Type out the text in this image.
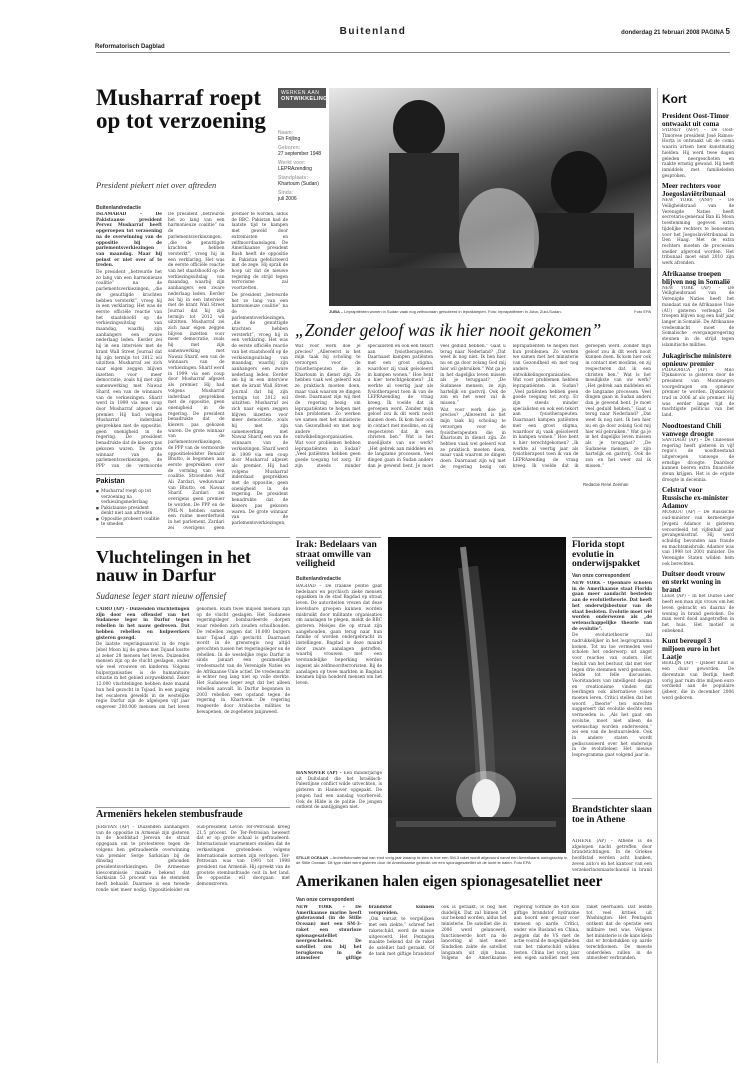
Reformatorisch Dagblad
Buitenland	donderdag 21 februari 2008 PAGINA 5
Musharraf roept op tot verzoening
President piekert niet over aftreden
Buitenlandredactie

ISLAMABAD – De Pakistaanse president Pervez Musharraf heeft opgeroepen tot verzoening na de overwinning van de oppositie bij de parlementsverkiezingen van maandag. Maar hij peinst er niet over af te treden.

De president „betreurde het zo lang van een harmonieuze coalitie” na de parlementsverkiezingen, „die de genuttigde krachten hebben versterkt”, vroeg hij in een verklaring. Het was de eerste officiële reactie van het staatshoofd op de verkiezingsuitslag van maandag, waarbij zijn aanhangers een zware nederlaag leden. Eerder zei hij in een interview met de krant Wall Street Journal dat hij zijn termijn tot 2012 wil uitzitten. Musharraf zei zich naar eigen zeggen blijven inzetten voor meer democratie, zoals hij met zijn samenwerking met Nawaz Sharif, een van de winnaars van de verkiezingen. Sharif werd in 1999 via een coup door Musharraf afgezet als premier. Hij had volgens Musharraf inderdaad gesprekken met de oppositie, geen onenigheid in de regering. De president benadrukte dat de kiezers pas gekozen waren. De grote winnaar van de parlementsverkiezingen, de PPP van de vermoorde

De president „betreurde het zo lang van een harmonieuze coalitie” na de parlementsverkiezingen, „die de genuttigde krachten hebben versterkt”, vroeg hij in een verklaring. Het was de eerste officiële reactie van het staatshoofd op de verkiezingsuitslag van maandag, waarbij zijn aanhangers een zware nederlaag leden. Eerder zei hij in een interview met de krant Wall Street Journal dat hij zijn termijn tot 2012 wil uitzitten. Musharraf zei zich naar eigen zeggen blijven inzetten voor meer democratie, zoals hij met zijn samenwerking met Nawaz Sharif, een van de winnaars van de verkiezingen. Sharif werd in 1999 via een coup door Musharraf afgezet als premier. Hij had volgens Musharraf inderdaad gesprekken met de oppositie, geen onenigheid in de regering. De president benadrukte dat de kiezers pas gekozen waren. De grote winnaar van de parlementsverkiezingen, de PPP van de vermoorde oppositieleidster Benazir Bhutto, is begonnen aan eerste gesprekken over de vorming van een coalitie. Stroomden Asif Ali Zardari, weduwnaar van Bhutto, en Nawaz Sharif. Zardari zei overigens geen premier te worden. De PPP en de PML-N hebben samen een ruime meerderheid in het parlement. Zardari zei overigens geen premier te worden, aldus de BBC. Pakistan had de laatste tijd te kampen met geweld door extremisten en zelfmoordaanslagen. De Amerikaanse president Bush heeft de oppositie in Pakistan gefeliciteerd met de zege. Hij sprak de hoop uit dat de nieuwe regering de strijd tegen terrorisme zal voortzetten.

De president „betreurde het zo lang van een harmonieuze coalitie” na de parlementsverkiezingen, „die de genuttigde krachten hebben versterkt”, vroeg hij in een verklaring. Het was de eerste officiële reactie van het staatshoofd op de verkiezingsuitslag van maandag, waarbij zijn aanhangers een zware nederlaag leden. Eerder zei hij in een interview met de krant Wall Street Journal dat hij zijn termijn tot 2012 wil uitzitten. Musharraf zei zich naar eigen zeggen blijven inzetten voor meer democratie, zoals hij met zijn samenwerking met Nawaz Sharif, een van de winnaars van de verkiezingen. Sharif werd in 1999 via een coup door Musharraf afgezet als premier. Hij had volgens Musharraf inderdaad gesprekken met de oppositie, geen onenigheid in de regering. De president benadrukte dat de kiezers pas gekozen waren. De grote winnaar van de parlementsverkiezingen,

Pakistan
■ Musharraf roept op tot verzoening na verkiezingsnederlaag
■ Pakistaanse president denkt niet aan aftreden
■ Oppositie probeert coalitie te smeden
WERKEN AAN
ONTWIKKELING
Naam:
Eh Frijling
Geboren:
27 september 1948
Werkt voor:
LEPRAzending
Standplaats:
Khartoum (Sudan)
Sinds:
juli 2006
JUBA – Lepraptiënten wonen in Sudan vaak nog zelfvooraan geïsoleerd in leprakampen. Foto: leprapatiënten in Juba, Zuid-Sudan.	Foto EPA
„Zonder geloof was ik hier nooit gekomen”

Wat voor werk doe je precies? „Allereerst is het mijn taak bij scholing te verzorgen voor de fysiotherapeuten die in Khartoum in dienst zijn. Ze hebben vaak wel geleerd wat ze praktisch moeten doen, maar vaak waarom ze dingen doen. Daarnaast zijn wij met de regering bezig om leprapatiënten te helpen met hun problemen. Zo werken we samen met het ministerie van Gezondheid en met nog andere ontwikkelingsorganisaties. Wat voor problemen hebben leprapatiënten in Sudan? „Veel patiënten hebben geen goede toegang tot zorg. Er zijn steeds minder specialisten en ook een tekort aan fysiotherapeuten. Daarnaast kampen patiënten met een groot stigma, waardoor zij vaak geïsoleerd in kampen wonen.” Hoe bent u hier terechtgekomen? „Ik werkte al veertig jaar als fysiotherapeut toen ik van de LEPRAzending de vraag kreeg. Ik voelde dat ik geroepen werd. Zonder mijn geloof zou ik dit werk nooit kunnen doen. Ik kom hier ook in contact met moslims, en zij respecteren dat ik een christen ben.” Wat is het moeilijkste van uw werk? „Het gebrek aan middelen en de langzame processen. Veel dingen gaan in Sudan anders dan je gewend bent. Je moet veel geduld hebben.” Gaat u terug naar Nederland? „Dat weet ik nog niet. Ik ben hier nu en ga door zolang God mij hier wil gebruiken.” Wat ga je in het dagelijks leven missen als je teruggaat? „De Sudanese mensen, ze zijn hartelijk en gastvrij. Ook de zon en het weer zal ik missen.”

Wat voor werk doe je precies? „Allereerst is het mijn taak bij scholing te verzorgen voor de fysiotherapeuten die in Khartoum in dienst zijn. Ze hebben vaak wel geleerd wat ze praktisch moeten doen, maar vaak waarom ze dingen doen. Daarnaast zijn wij met de regering bezig om leprapatiënten te helpen met hun problemen. Zo werken we samen met het ministerie van Gezondheid en met nog andere ontwikkelingsorganisaties. Wat voor problemen hebben leprapatiënten in Sudan? „Veel patiënten hebben geen goede toegang tot zorg. Er zijn steeds minder specialisten en ook een tekort aan fysiotherapeuten. Daarnaast kampen patiënten met een groot stigma, waardoor zij vaak geïsoleerd in kampen wonen.” Hoe bent u hier terechtgekomen? „Ik werkte al veertig jaar als fysiotherapeut toen ik van de LEPRAzending de vraag kreeg. Ik voelde dat ik geroepen werd. Zonder mijn geloof zou ik dit werk nooit kunnen doen. Ik kom hier ook in contact met moslims, en zij respecteren dat ik een christen ben.” Wat is het moeilijkste van uw werk? „Het gebrek aan middelen en de langzame processen. Veel dingen gaan in Sudan anders dan je gewend bent. Je moet veel geduld hebben.” Gaat u terug naar Nederland? „Dat weet ik nog niet. Ik ben hier nu en ga door zolang God mij hier wil gebruiken.” Wat ga je in het dagelijks leven missen als je teruggaat? „De Sudanese mensen, ze zijn hartelijk en gastvrij. Ook de zon en het weer zal ik missen.”

Redactie René Zeeman
Kort
President Oost-Timor ontwaakt uit coma
SYDNEY (AFP) – De Oost-Timorese president José Ramos-Horta is ontwaakt uit de coma waarin artsen hem kunstmatig hielden. Hij werd twee dagen geleden neergeschoten en raakte ernstig gewond. Hij heeft inmiddels met familieleden gesproken.
Meer rechters voor Joegoslaviëtribunaal
NEW YORK (ANP) – De Veiligheidsraad van de Verenigde Naties heeft secretaris-generaal Ban Ki Moon toestemming gegeven extra tijdelijke rechters te benoemen voor het Joegoslaviëtribunaal in Den Haag. Met de extra rechters moeten de processen sneller afgerond worden. Het tribunaal moet eind 2010 zijn werk afronden.
Afrikaanse troepen blijven nog in Somalië
NEW YORK (AP) – De Veiligheidsraad van de Verenigde Naties heeft het mandaat van de Afrikaanse Unie (AU) gisteren verlengd. De troepen blijven nog een half jaar langer in Somalië. De Afrikaanse vredesmacht moet de Somalische overgangsregering steunen in de strijd tegen islamitische milities.
Jukagirische ministere opnieuw premier
PODGORICA (AP) – Milo Djukanovic is gisteren door de president van Montenegro voorgedragen om opnieuw premier te worden. Djukanovic trad in 2006 af als premier. Hij was eerder lange tijd de machtigste politicus van het land.
Noodtoestand Chili vanwege droogte
SANTIAGO (AP) – De Chileense regering heeft gisteren in vijf regio's de noodtoestand uitgeroepen vanwege de ernstige droogte. Daardoor kunnen boeren extra financiële steun krijgen. Het is de ergste droogte in decennia.
Celstraf voor Russische ex-minister Adamov
MOSKOU (AP) – De Russische oud-minister van kernenergie Jevgeni Adamov is gisteren veroordeeld tot vijfenhalf jaar gevangenisstraf. Hij werd schuldig bevonden aan fraude en machtsmisbruik. Adamov was van 1998 tot 2001 minister. De Verenigde Staten wilden hem ook berechten.
Duitser doodt vrouw en sterkt woning in brand
LEER (AP) – In het Duitse Leer heeft een man zijn vrouw om het leven gebracht en daarna de woning in brand gestoken. De man werd dood aangetroffen in het huis. Het motief is onbekend.
Kunt bereugel 3 miljoen euro in het Laatje
BERLIJN (AP) – IJsbeer Knut is een duur geworden. De dierentuin van Berlijn heeft vorig jaar ruim drie miljoen euro verdiend aan de populaire ijsbeer, die in december 2006 werd geboren.
Vluchtelingen in het nauw in Darfur
Sudanese leger start nieuw offensief

CAIRO (AP) – Duizenden vluchtelingen zijn door een offensief van het Sudanese leger in Darfur tegen rebellen in het nauw gedreven. Dat hebben rebellen en hulpwerkers gisteren gezegd.

De laatste regeringsaanval in de regio Jebel Moon bij de grens met Tsjaad kostte al zeker 28 mensen het leven. Duizenden mensen zijn op de vlucht geslagen, onder wie veel vrouwen en kinderen. Volgens hulporganisaties is de humanitaire situatie in het gebied zorgwekkend. Zeker 12.000 vluchtelingen hebben deze maand hun heil gezocht in Tsjaad. In een paging het escaleren gewelds in de westelijke regio Darfur zijn de afgelopen vijf jaar ongeveer 200.000 mensen om het leven gekomen. Ruim twee miljoen mensen zijn op de vlucht geslagen. Het Sudanese regeringsleger bombardeerde dorpen waar rebellen zich zouden schuilhouden. De rebellen zeggen dat 10.000 burgers naar Tsjaad zijn gevlucht. Daarnaast wordt in de grensregio nog altijd gevochten tussen het regeringsleger en de rebellen. In de westelijke regio Darfur is sinds januari een gezamenlijke vredesmacht van de Verenigde Naties en de Afrikaanse Unie actief. De vredesmacht is echter nog lang niet op volle sterkte. Het Sudanese leger zegt dat het alleen rebellen aanvalt. In Darfur begonnen in 2003 rebellen een opstand tegen de regering in Khartoem. De regering reageerde door Arabische milities te bewapenen, de zogeheten janjaweed.

Armeniërs hekelen stembusfraude

JEREVAN (AP) – Duizenden aanhangers van de oppositie in Armenië zijn gisteren in de hoofdstad Jerevan de straat opgegaan om te protesteren tegen de volgens hen gefraudeerde overwinning van premier Serge Sarkisian bij de dinsdag gehouden presidentsverkiezingen. De Armeense kiescommissie maakte bekend dat Sarkisian 53 procent van de stemmen heeft behaald. Daarmee is een tweede ronde niet meer nodig. Oppositieleider en oud-president Levon Ter-Petrosian kreeg 21,5 procent. De Ter-Petrosian beweert dat er op grote schaal is gefraudeerd. Internationale waarnemers stelden dat de verkiezingen grotendeels volgens internationale normen zijn verlopen. Ter-Petrosian was van 1991 tot 1998 president van Armenië. Hij spreekt van de grootste stembusfraude ooit in het land. De oppositie wil doorgaan met demonstreren.

Irak: Bedelaars van straat omwille van veiligheid
Buitenlandredactie

BAGDAD – De Iraakse politie gaat bedelaars en psychisch zieke mensen oppakken in de stad Bagdad op straat leven. De autoriteiten vrezen dat deze kwetsbare groepen kunnen worden misbruikt door militante organisaties om aanslagen te plegen, meldt de BBC gisteren. Meisjes die op straat zijn aangehouden, gaan terug naar hun familie of worden ondergebracht in instellingen. Bagdad is deze maand door zware aanslagen getroffen, waarbij vrouwen met een verstandelijke beperking werden ingezet als zelfmoordterroristen. Bij de aanslagen op twee markten in Bagdad kwamen bijna honderd mensen om het leven.

HANNOVER (AP) – Een minderjarige uit Duitsland die het Israëlisch-Palestijnse conflict wilde uitvechten, is gisteren in Hannover opgepakt. De jongen had een aanslag voorbereid. Ook de Hilde is de politie. De jongen ontkent de aantijgingen niet.

STILLE OCEAAN – Archieffotomateriaal van eind vorig jaar waarop te zien is hoe een SM-3 raket wordt afgevuurd vanaf een Amerikaans oorlogsschip in de Stille Oceaan. Dit type raket werd gisteren door de Amerikaanse gebruikt om een spionagesatelliet uit de lucht te halen. Foto EPA
Amerikanen halen eigen spionagesatelliet neer
Van onze correspondent

NEW YORK – De Amerikaanse marine heeft gisteravond (in de Stille Oceaan) met een SM-3-raket een stuurloze spionagesatelliet neergeschoten. De satelliet zou bij het terugkeren in de atmosfeer giftige brandstof kunnen verspreiden.

„Om onrust te vergelijken met een ziekte,” schreef het raketschild, werd de missie uitgevoerd. Het Pentagon maakte bekend dat de raket de satelliet had geraakt. Of de tank met giftige brandstof ook is geraakt, is nog niet duidelijk. Dat zal binnen 24 uur bekend worden, aldus het ministerie. De satelliet die in 2006 werd gelanceerd, functioneerde kort na de lancering al niet meer. Sindsdien zakte de satelliet langzaam uit zijn baan. Volgens de Amerikaanse regering vormde de 450 kilo giftige brandstof hydrazine aan boord een gevaar voor mensen op aarde. Critici, onder wie Rusland en China, zeggen dat de VS met de actie vooral de mogelijkheden van het raketschild wilden testen. China liet vorig jaar een eigen satelliet met een raket neerhalen. Dat leidde tot veel kritiek uit Washington. Het Pentagon ontkent dat de operatie een militaire test was. Volgens het ministerie is de kans klein dat er brokstukken op aarde terechtkomen. De meeste onderdelen zullen in de atmosfeer verbranden.

Florida stopt evolutie in onderwijspakket
Van onze correspondent

NEW YORK – Openbare scholen in de Amerikaanse staat Florida gaan meer aandacht besteden aan de evolutietheorie. Dat heeft het onderwijsbestuur van de staat besloten. Evolutie moet wel worden onderwezen als „de wetenschappelijke theorie van de evolutie”.

De evolutietheorie zal nadrukkelijker in het lesprogramma komen. Tot nu toe vermeden veel scholen het onderwerp uit angst voor reacties van ouders. Het besluit van het bestuur, dat met vier tegen drie stemmen werd genomen, leidde tot felle discussies. Voorstanders van intelligent design en creationisme vinden dat leerlingen ook alternatieve visies moeten leren. Critici stellen dat het woord „theorie” ten onrechte suggereert dat evolutie slechts een vermoeden is. „Als het gaat om evolutie, moet niet alleen de wetenschap worden onderwezen,” zei een van de bestuursleden. Ook in andere staten wordt gediscussieerd over het onderwijs in de evolutieleer. Het nieuwe lesprogramma gaat volgend jaar in.

Brandstichter slaan toe in Athene

ATHENE (AP) – Athene is de afgelopen nacht getroffen door brandstichtingen. In de Griekse hoofdstad werden acht banken, zeven auto's en het kantoor van een verzekeringsmaatschappij in brand
